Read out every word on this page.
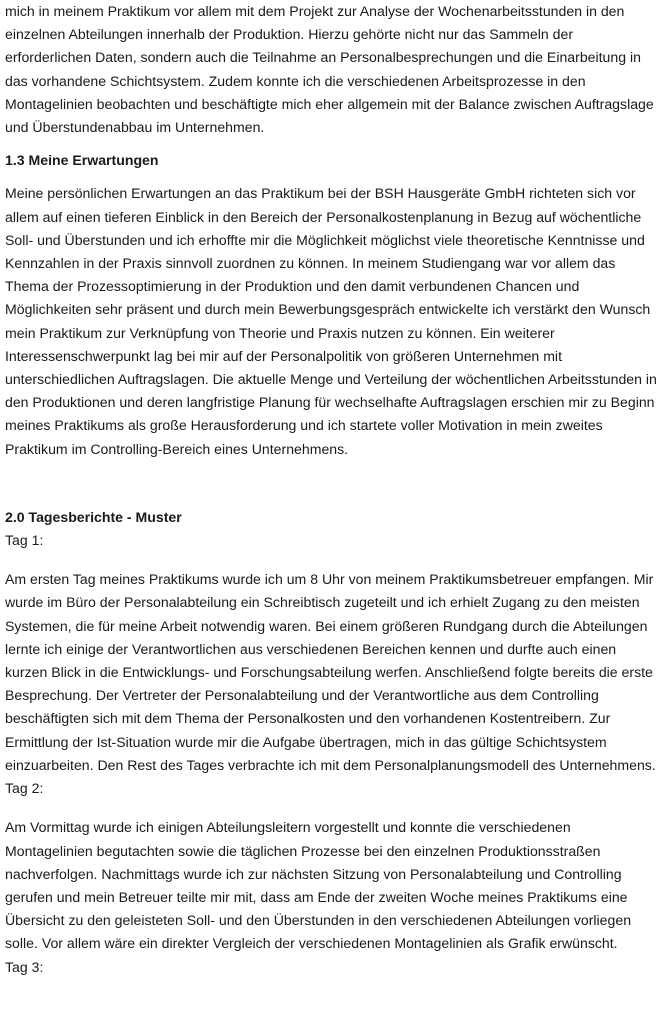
mich in meinem Praktikum vor allem mit dem Projekt zur Analyse der Wochenarbeitsstunden in den einzelnen Abteilungen innerhalb der Produktion. Hierzu gehörte nicht nur das Sammeln der erforderlichen Daten, sondern auch die Teilnahme an Personalbesprechungen und die Einarbeitung in das vorhandene Schichtsystem. Zudem konnte ich die verschiedenen Arbeitsprozesse in den Montagelinien beobachten und beschäftigte mich eher allgemein mit der Balance zwischen Auftragslage und Überstundenabbau im Unternehmen.

1.3 Meine Erwartungen

Meine persönlichen Erwartungen an das Praktikum bei der BSH Hausgeräte GmbH richteten sich vor allem auf einen tieferen Einblick in den Bereich der Personalkostenplanung in Bezug auf wöchentliche Soll- und Überstunden und ich erhoffte mir die Möglichkeit möglichst viele theoretische Kenntnisse und Kennzahlen in der Praxis sinnvoll zuordnen zu können. In meinem Studiengang war vor allem das Thema der Prozessoptimierung in der Produktion und den damit verbundenen Chancen und Möglichkeiten sehr präsent und durch mein Bewerbungsgespräch entwickelte ich verstärkt den Wunsch mein Praktikum zur Verknüpfung von Theorie und Praxis nutzen zu können. Ein weiterer Interessenschwerpunkt lag bei mir auf der Personalpolitik von größeren Unternehmen mit unterschiedlichen Auftragslagen. Die aktuelle Menge und Verteilung der wöchentlichen Arbeitsstunden in den Produktionen und deren langfristige Planung für wechselhafte Auftragslagen erschien mir zu Beginn meines Praktikums als große Herausforderung und ich startete voller Motivation in mein zweites Praktikum im Controlling-Bereich eines Unternehmens.

2.0 Tagesberichte - Muster
Tag 1:

Am ersten Tag meines Praktikums wurde ich um 8 Uhr von meinem Praktikumsbetreuer empfangen. Mir wurde im Büro der Personalabteilung ein Schreibtisch zugeteilt und ich erhielt Zugang zu den meisten Systemen, die für meine Arbeit notwendig waren. Bei einem größeren Rundgang durch die Abteilungen lernte ich einige der Verantwortlichen aus verschiedenen Bereichen kennen und durfte auch einen kurzen Blick in die Entwicklungs- und Forschungsabteilung werfen. Anschließend folgte bereits die erste Besprechung. Der Vertreter der Personalabteilung und der Verantwortliche aus dem Controlling beschäftigten sich mit dem Thema der Personalkosten und den vorhandenen Kostentreibern. Zur Ermittlung der Ist-Situation wurde mir die Aufgabe übertragen, mich in das gültige Schichtsystem einzuarbeiten. Den Rest des Tages verbrachte ich mit dem Personalplanungsmodell des Unternehmens.

Tag 2:

Am Vormittag wurde ich einigen Abteilungsleitern vorgestellt und konnte die verschiedenen Montagelinien begutachten sowie die täglichen Prozesse bei den einzelnen Produktionsstraßen nachverfolgen. Nachmittags wurde ich zur nächsten Sitzung von Personalabteilung und Controlling gerufen und mein Betreuer teilte mir mit, dass am Ende der zweiten Woche meines Praktikums eine Übersicht zu den geleisteten Soll- und den Überstunden in den verschiedenen Abteilungen vorliegen solle. Vor allem wäre ein direkter Vergleich der verschiedenen Montagelinien als Grafik erwünscht.

Tag 3:
